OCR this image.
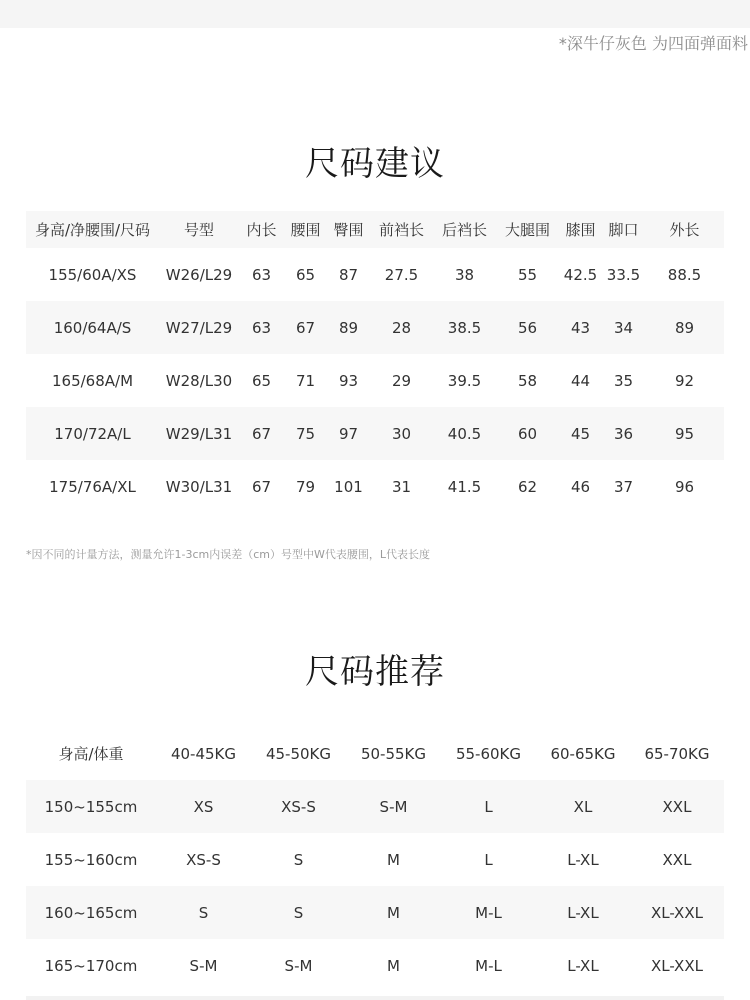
*深牛仔灰色 为四面弹面料
尺码建议
身高/净腰围/尺码	号型	内长	腰围	臀围	前裆长	后裆长	大腿围	膝围	脚口	外长
155/60A/XS	W26/L29	63	65	87	27.5	38	55	42.5	33.5	88.5
160/64A/S	W27/L29	63	67	89	28	38.5	56	43	34	89
165/68A/M	W28/L30	65	71	93	29	39.5	58	44	35	92
170/72A/L	W29/L31	67	75	97	30	40.5	60	45	36	95
175/76A/XL	W30/L31	67	79	101	31	41.5	62	46	37	96
*因不同的计量方法，测量允许1-3cm内误差（cm）号型中W代表腰围，L代表长度
尺码推荐
身高/体重	40-45KG	45-50KG	50-55KG	55-60KG	60-65KG	65-70KG
150~155cm	XS	XS-S	S-M	L	XL	XXL
155~160cm	XS-S	S	M	L	L-XL	XXL
160~165cm	S	S	M	M-L	L-XL	XL-XXL
165~170cm	S-M	S-M	M	M-L	L-XL	XL-XXL
